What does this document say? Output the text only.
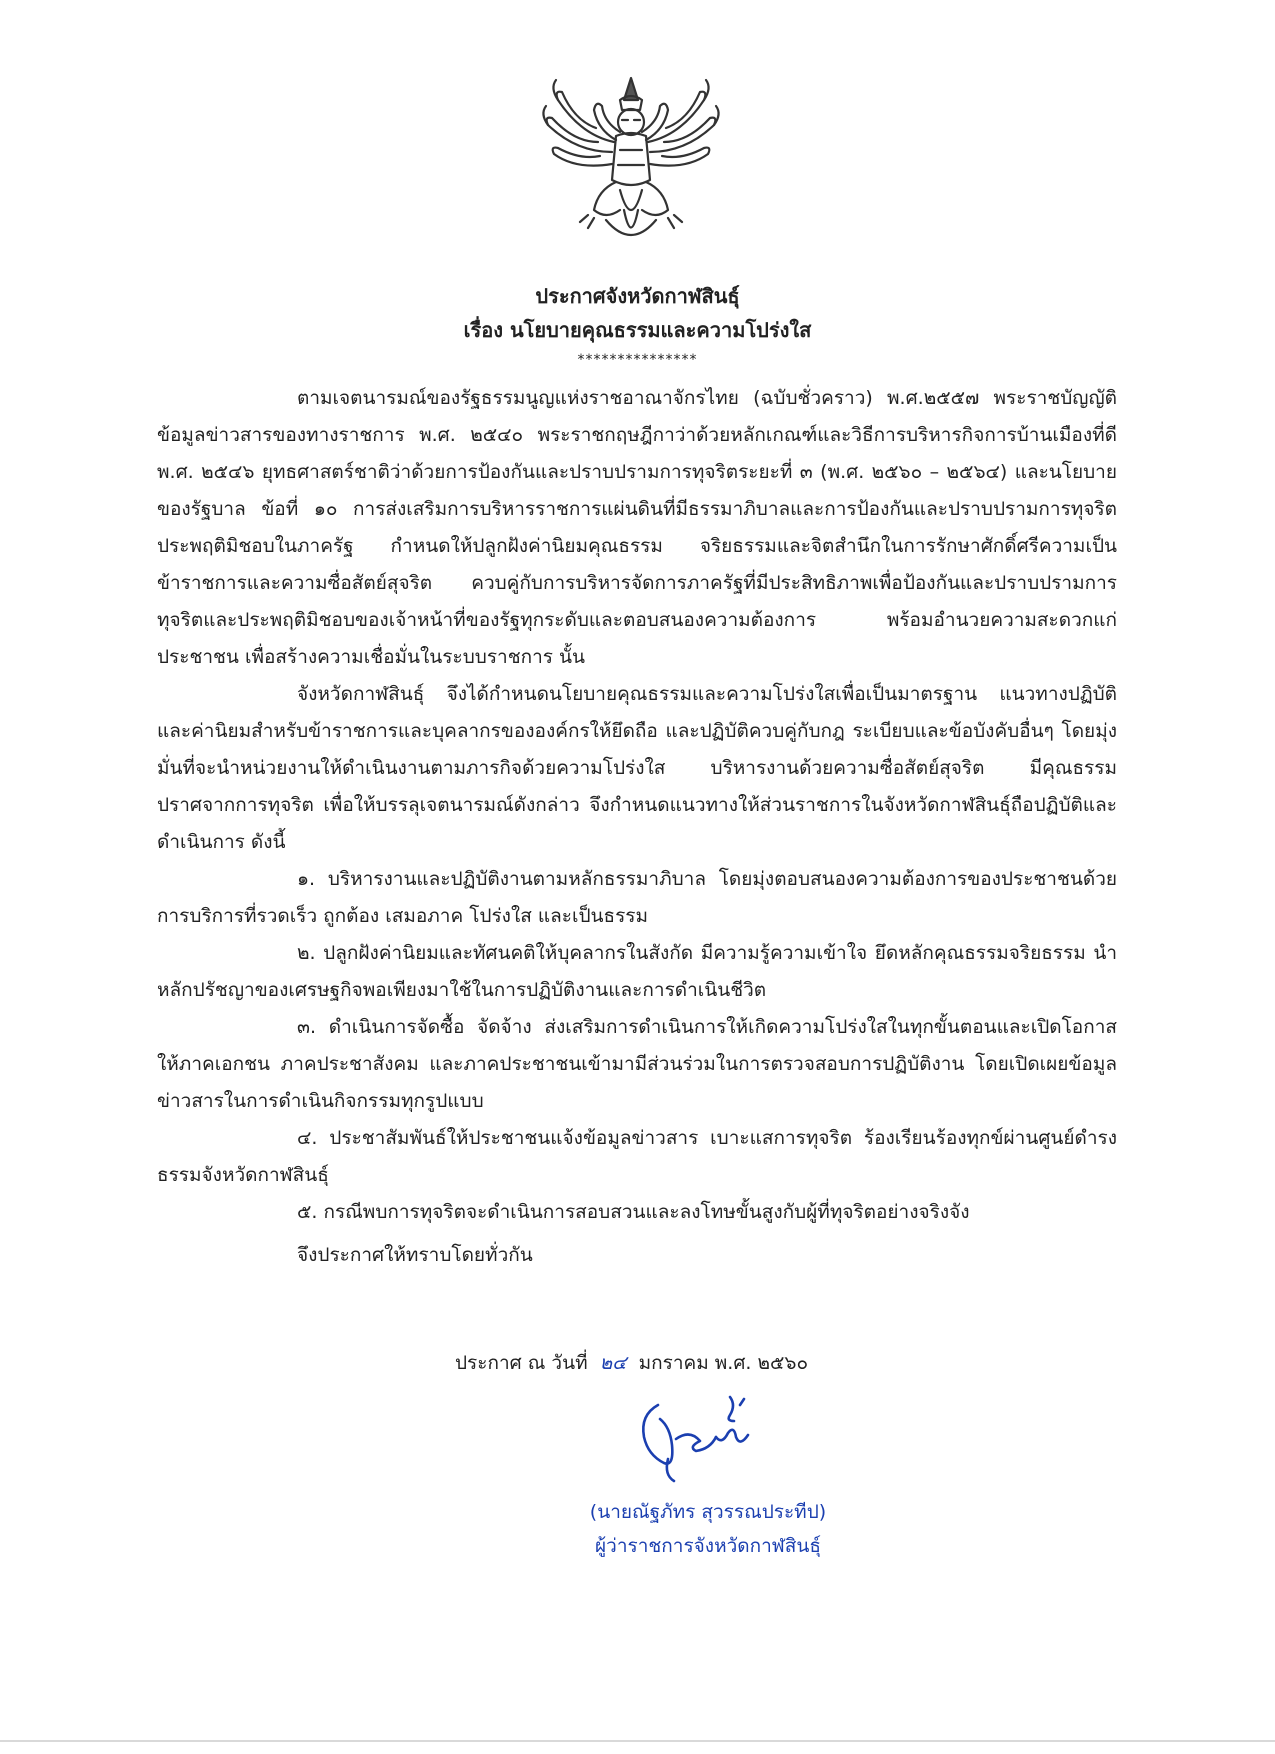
ประกาศจังหวัดกาฬสินธุ์
เรื่อง นโยบายคุณธรรมและความโปร่งใส
***************

ตามเจตนารมณ์ของรัฐธรรมนูญแห่งราชอาณาจักรไทย (ฉบับชั่วคราว) พ.ศ.๒๕๕๗ พระราชบัญญัติข้อมูลข่าวสารของทางราชการ พ.ศ. ๒๕๔๐ พระราชกฤษฎีกาว่าด้วยหลักเกณฑ์และวิธีการบริหารกิจการบ้านเมืองที่ดี พ.ศ. ๒๕๔๖ ยุทธศาสตร์ชาติว่าด้วยการป้องกันและปราบปรามการทุจริตระยะที่ ๓ (พ.ศ. ๒๕๖๐ – ๒๕๖๔) และนโยบายของรัฐบาล ข้อที่ ๑๐ การส่งเสริมการบริหารราชการแผ่นดินที่มีธรรมาภิบาลและการป้องกันและปราบปรามการทุจริตประพฤติมิชอบในภาครัฐ กำหนดให้ปลูกฝังค่านิยมคุณธรรม จริยธรรมและจิตสำนึกในการรักษาศักดิ์ศรีความเป็นข้าราชการและความซื่อสัตย์สุจริต ควบคู่กับการบริหารจัดการภาครัฐที่มีประสิทธิภาพเพื่อป้องกันและปราบปรามการทุจริตและประพฤติมิชอบของเจ้าหน้าที่ของรัฐทุกระดับและตอบสนองความต้องการ พร้อมอำนวยความสะดวกแก่ประชาชน เพื่อสร้างความเชื่อมั่นในระบบราชการ นั้น

จังหวัดกาฬสินธุ์ จึงได้กำหนดนโยบายคุณธรรมและความโปร่งใสเพื่อเป็นมาตรฐาน แนวทางปฏิบัติ และค่านิยมสำหรับข้าราชการและบุคลากรขององค์กรให้ยึดถือ และปฏิบัติควบคู่กับกฎ ระเบียบและข้อบังคับอื่นๆ โดยมุ่งมั่นที่จะนำหน่วยงานให้ดำเนินงานตามภารกิจด้วยความโปร่งใส บริหารงานด้วยความซื่อสัตย์สุจริต มีคุณธรรม ปราศจากการทุจริต เพื่อให้บรรลุเจตนารมณ์ดังกล่าว จึงกำหนดแนวทางให้ส่วนราชการในจังหวัดกาฬสินธุ์ถือปฏิบัติและดำเนินการ ดังนี้

๑. บริหารงานและปฏิบัติงานตามหลักธรรมาภิบาล โดยมุ่งตอบสนองความต้องการของประชาชนด้วยการบริการที่รวดเร็ว ถูกต้อง เสมอภาค โปร่งใส และเป็นธรรม

๒. ปลูกฝังค่านิยมและทัศนคติให้บุคลากรในสังกัด มีความรู้ความเข้าใจ ยึดหลักคุณธรรมจริยธรรม นำหลักปรัชญาของเศรษฐกิจพอเพียงมาใช้ในการปฏิบัติงานและการดำเนินชีวิต

๓. ดำเนินการจัดซื้อ จัดจ้าง ส่งเสริมการดำเนินการให้เกิดความโปร่งใสในทุกขั้นตอนและเปิดโอกาสให้ภาคเอกชน ภาคประชาสังคม และภาคประชาชนเข้ามามีส่วนร่วมในการตรวจสอบการปฏิบัติงาน โดยเปิดเผยข้อมูลข่าวสารในการดำเนินกิจกรรมทุกรูปแบบ

๔. ประชาสัมพันธ์ให้ประชาชนแจ้งข้อมูลข่าวสาร เบาะแสการทุจริต ร้องเรียนร้องทุกข์ผ่านศูนย์ดำรงธรรมจังหวัดกาฬสินธุ์

๕. กรณีพบการทุจริตจะดำเนินการสอบสวนและลงโทษขั้นสูงกับผู้ที่ทุจริตอย่างจริงจัง

จึงประกาศให้ทราบโดยทั่วกัน

ประกาศ ณ วันที่ ๒๔ มกราคม พ.ศ. ๒๕๖๐
(นายณัฐภัทร สุวรรณประทีป)
ผู้ว่าราชการจังหวัดกาฬสินธุ์
